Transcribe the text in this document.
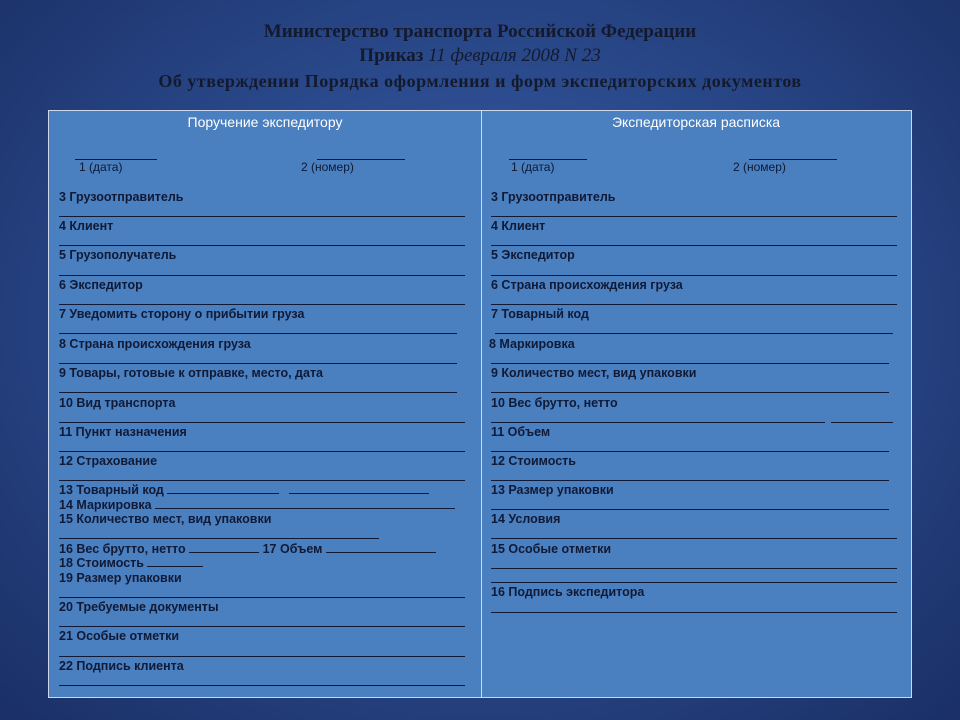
Министерство транспорта Российской Федерации
Приказ 11 февраля 2008 N 23
Об утверждении Порядка оформления и форм экспедиторских документов
Поручение экспедитору
1 (дата)	2 (номер)
3 Грузоотправитель
4 Клиент
5 Грузополучатель
6 Экспедитор
7 Уведомить сторону о прибытии груза
8 Страна происхождения груза
9 Товары, готовые к отправке, место, дата
10 Вид транспорта
11 Пункт назначения
12 Страхование
13 Товарный код
14 Маркировка
15 Количество мест, вид упаковки
16 Вес брутто, нетто	17 Объем
18 Стоимость
19 Размер упаковки
20 Требуемые документы
21 Особые отметки
22 Подпись клиента
Экспедиторская расписка
1 (дата)	2 (номер)
3 Грузоотправитель
4 Клиент
5 Экспедитор
6 Страна происхождения груза
7 Товарный код
8 Маркировка
9 Количество мест, вид упаковки
10 Вес брутто, нетто
11 Объем
12 Стоимость
13 Размер упаковки
14 Условия
15 Особые отметки
16 Подпись экспедитора
